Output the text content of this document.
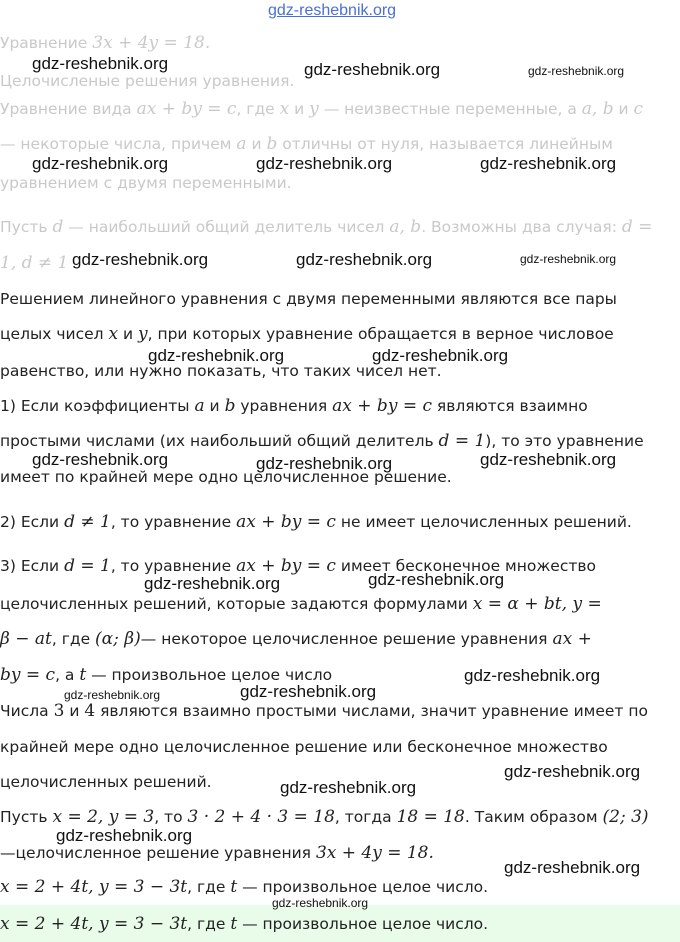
Уравнение 3x + 4y = 18.
Целочисленые решения уравнения.
Уравнение вида ax + by = c, где x и y — неизвестные переменные, а a, b и c
— некоторые числа, причем a и b отличны от нуля, называется линейным
уравнением с двумя переменными.
Пусть d — наибольший общий делитель чисел a, b. Возможны два случая: d =
1, d ≠ 1
Решением линейного уравнения с двумя переменными являются все пары
целых чисел x и y, при которых уравнение обращается в верное числовое
равенство, или нужно показать, что таких чисел нет.
1) Если коэффициенты a и b уравнения ax + by = c являются взаимно
простыми числами (их наибольший общий делитель d = 1), то это уравнение
имеет по крайней мере одно целочисленное решение.
2) Если d ≠ 1, то уравнение ax + by = c не имеет целочисленных решений.
3) Если d = 1, то уравнение ax + by = c имеет бесконечное множество
целочисленных решений, которые задаются формулами x = α + bt, y =
β − at, где (α; β)— некоторое целочисленное решение уравнения ax +
by = c, а t — произвольное целое число
Числа 3 и 4 являются взаимно простыми числами, значит уравнение имеет по
крайней мере одно целочисленное решение или бесконечное множество
целочисленных решений.
Пусть x = 2, y = 3, то 3 · 2 + 4 · 3 = 18, тогда 18 = 18. Таким образом (2; 3)
—целочисленное решение уравнения 3x + 4y = 18.
x = 2 + 4t, y = 3 − 3t, где t — произвольное целое число.
x = 2 + 4t, y = 3 − 3t, где t — произвольное целое число.
gdz-reshebnik.org
gdz-reshebnik.org	gdz-reshebnik.org	gdz-reshebnik.org
gdz-reshebnik.org	gdz-reshebnik.org	gdz-reshebnik.org
gdz-reshebnik.org	gdz-reshebnik.org	gdz-reshebnik.org
gdz-reshebnik.org	gdz-reshebnik.org
gdz-reshebnik.org	gdz-reshebnik.org	gdz-reshebnik.org
gdz-reshebnik.org	gdz-reshebnik.org
gdz-reshebnik.org
gdz-reshebnik.org	gdz-reshebnik.org
gdz-reshebnik.org
gdz-reshebnik.org
gdz-reshebnik.org
gdz-reshebnik.org
gdz-reshebnik.org
